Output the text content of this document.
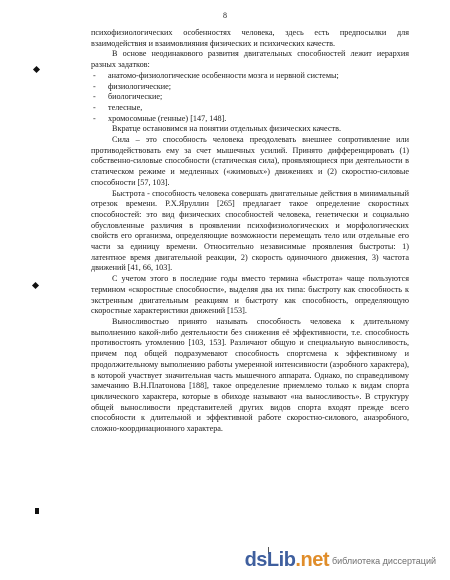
8

психофизиологических особенностях человека, здесь есть предпосылки для взаимодействия и взаимовлияния физических и психических качеств.

В основе неодинакового развития двигательных способностей лежит иерархия разных задатков:

- анатомо-физиологические особенности мозга и нервной системы;
- физиологические;
- биологические;
- телесные,
- хромосомные (генные) [147, 148].

Вкратце остановимся на понятии отдельных физических качеств.

Сила – это способность человека преодолевать внешнее сопротивление или противодействовать ему за счет мышечных усилий. Принято дифференцировать (1) собственно-силовые способности (статическая сила), проявляющиеся при деятельности в статическом режиме и медленных («жимовых») движениях и (2) скоростно-силовые способности [57, 103].

Быстрота - способность человека совершать двигательные действия в минимальный отрезок времени. Р.Х.Ярулл​ин [265] предлагает такое определение скоростных способностей: это вид физических способностей человека, генетически и социально обусловленные различия в проявлении психофизиологических и морфологических свойств его организма, определяющие возможности перемещать тело или отдельные его части за единицу времени. Относительно независимые проявления быстроты: 1) латентное время двигательной реакции, 2) скорость одиночного движения, 3) частота движений [41, 66, 103].

С учетом этого в последние годы вместо термина «быстрота» чаще пользуются термином «скоростные способности», выделяя два их типа: быстроту как способность к экстренным двигательным реакциям и быстроту как способность, определяющую скоростные характеристики движений [153].

Выносливостью принято называть способность человека к длительному выполнению какой-либо деятельности без снижения её эффективности, т.е. способность противостоять утомлению [103, 153]. Различают общую и специальную выносливость, причем под общей подразумевают способность спортсмена к эффективному и продолжительному выполнению работы умеренной интенсивности (аэробного характера), в которой участвует значительная часть мышечного аппарата. Однако, по справедливому замечанию В.Н.Платонова [188], такое определение приемлемо только к видам спорта циклического характера, которые в обиходе называют «на выносливость». В структуру общей выносливости представителей других видов спорта входят прежде всего способности к длительной и эффективной работе скоростно-силового, анаэробного, сложно-координационного характера.

dsLib.net библиотека диссертаций
